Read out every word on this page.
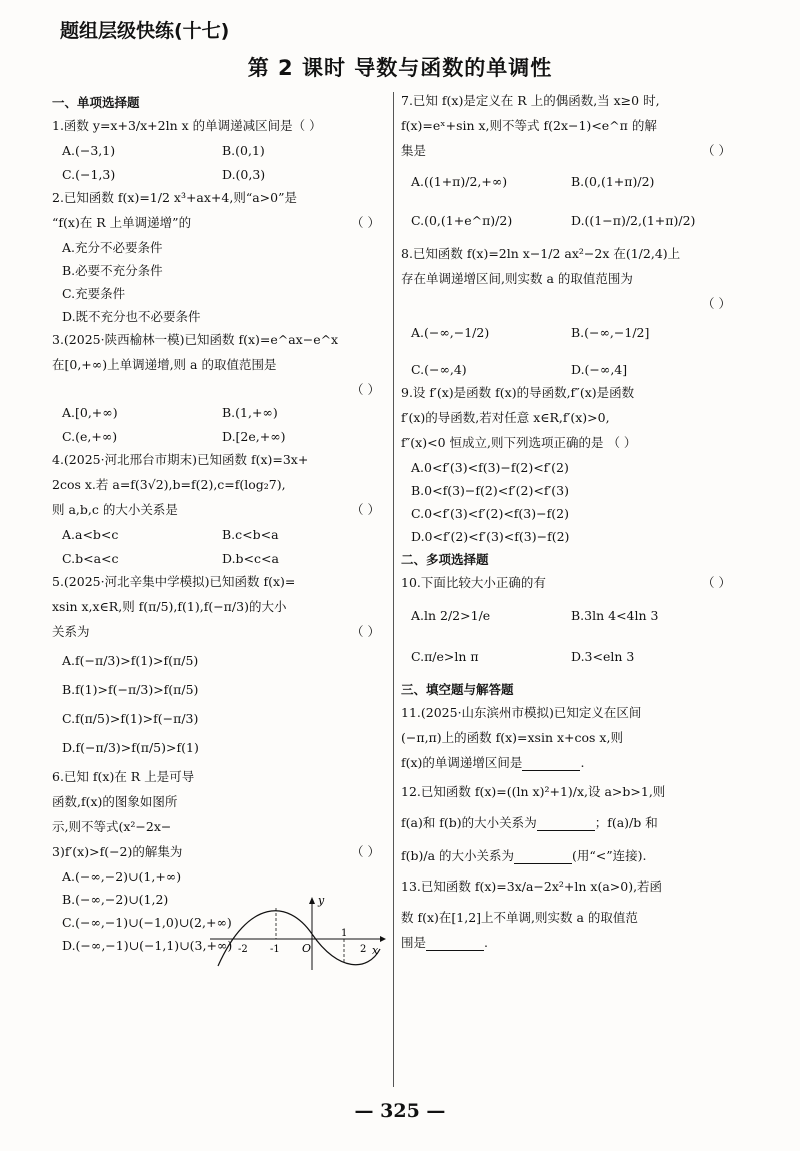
题组层级快练(十七)
第 2 课时 导数与函数的单调性
一、单项选择题
1.函数 y=x+3/x+2ln x 的单调递减区间是（ ）
A.(−3,1)	B.(0,1)
C.(−1,3)	D.(0,3)
2.已知函数 f(x)=1/2 x³+ax+4,则“a>0”是
“f(x)在 R 上单调递增”的	（ ）
A.充分不必要条件
B.必要不充分条件
C.充要条件
D.既不充分也不必要条件
3.(2025·陕西榆林一模)已知函数 f(x)=e^ax−e^x
在[0,+∞)上单调递增,则 a 的取值范围是
（ ）
A.[0,+∞)	B.(1,+∞)
C.(e,+∞)	D.[2e,+∞)
4.(2025·河北邢台市期末)已知函数 f(x)=3x+
2cos x.若 a=f(3√2),b=f(2),c=f(log₂7),
则 a,b,c 的大小关系是	（ ）
A.a<b<c	B.c<b<a
C.b<a<c	D.b<c<a
5.(2025·河北辛集中学模拟)已知函数 f(x)=
xsin x,x∈R,则 f(π/5),f(1),f(−π/3)的大小
关系为	（ ）
A.f(−π/3)>f(1)>f(π/5)
B.f(1)>f(−π/3)>f(π/5)
C.f(π/5)>f(1)>f(−π/3)
D.f(−π/3)>f(π/5)>f(1)
6.已知 f(x)在 R 上是可导
函数,f(x)的图象如图所
示,则不等式(x²−2x−
3)f′(x)>f(−2)的解集为	（ ）
A.(−∞,−2)∪(1,+∞)
B.(−∞,−2)∪(1,2)
C.(−∞,−1)∪(−1,0)∪(2,+∞)
D.(−∞,−1)∪(−1,1)∪(3,+∞)
y
x
O
-2 -1
1
2
7.已知 f(x)是定义在 R 上的偶函数,当 x≥0 时,
f(x)=eˣ+sin x,则不等式 f(2x−1)<e^π 的解
集是	（ ）
A.((1+π)/2,+∞)	B.(0,(1+π)/2)
C.(0,(1+e^π)/2)	D.((1−π)/2,(1+π)/2)
8.已知函数 f(x)=2ln x−1/2 ax²−2x 在(1/2,4)上
存在单调递增区间,则实数 a 的取值范围为
（ ）
A.(−∞,−1/2)	B.(−∞,−1/2]
C.(−∞,4)	D.(−∞,4]
9.设 f′(x)是函数 f(x)的导函数,f″(x)是函数
f′(x)的导函数,若对任意 x∈R,f′(x)>0,
f″(x)<0 恒成立,则下列选项正确的是 （ ）
A.0<f′(3)<f(3)−f(2)<f′(2)
B.0<f(3)−f(2)<f′(2)<f′(3)
C.0<f′(3)<f′(2)<f(3)−f(2)
D.0<f′(2)<f′(3)<f(3)−f(2)
二、多项选择题
10.下面比较大小正确的有	（ ）
A.ln 2/2>1/e	B.3ln 4<4ln 3
C.π/e>ln π	D.3<eln 3
三、填空题与解答题
11.(2025·山东滨州市模拟)已知定义在区间
(−π,π)上的函数 f(x)=xsin x+cos x,则
f(x)的单调递增区间是	.
12.已知函数 f(x)=((ln x)²+1)/x,设 a>b>1,则
f(a)和 f(b)的大小关系为	；f(a)/b 和
f(b)/a 的大小关系为	(用“<”连接).
13.已知函数 f(x)=3x/a−2x²+ln x(a>0),若函
数 f(x)在[1,2]上不单调,则实数 a 的取值范
围是	.
— 325 —
